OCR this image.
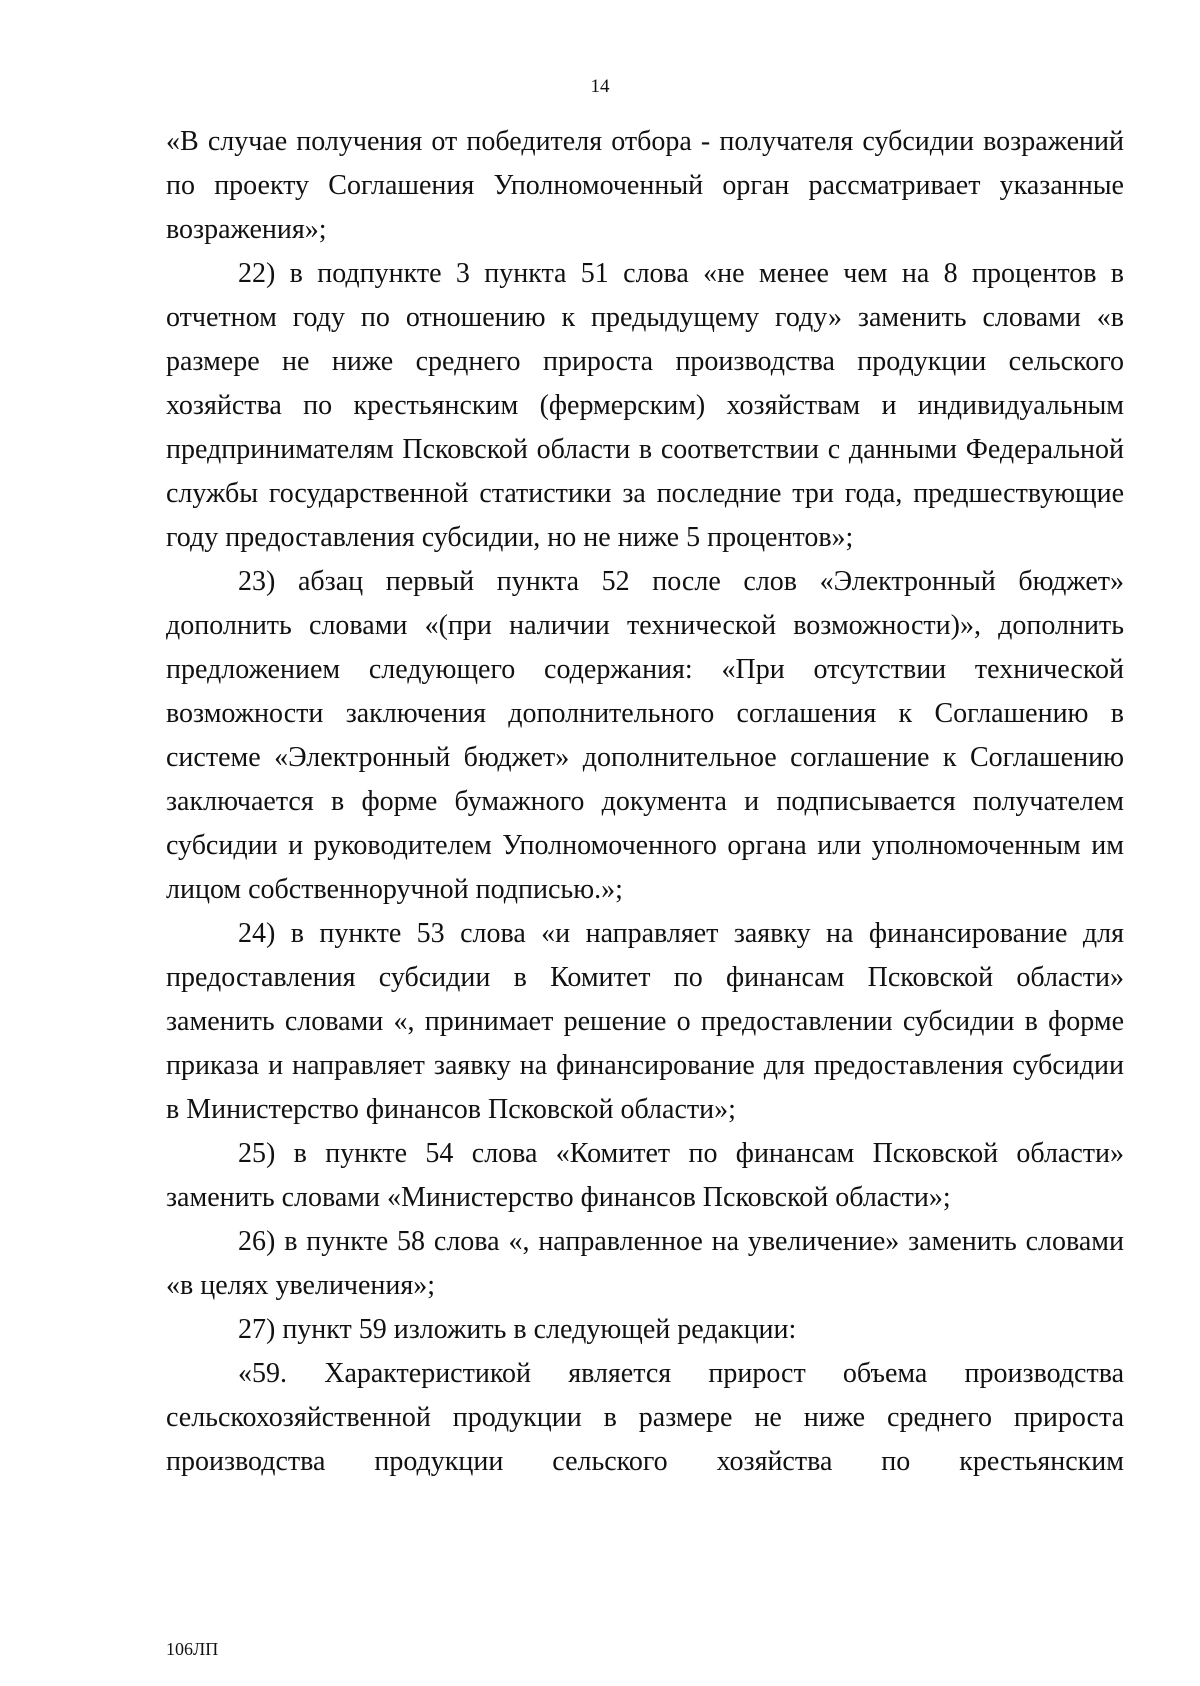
14

«В случае получения от победителя отбора - получателя субсидии возражений по проекту Соглашения Уполномоченный орган рассматривает указанные возражения»;

22) в подпункте 3 пункта 51 слова «не менее чем на 8 процентов в отчетном году по отношению к предыдущему году» заменить словами «в размере не ниже среднего прироста производства продукции сельского хозяйства по крестьянским (фермерским) хозяйствам и индивидуальным предпринимателям Псковской области в соответствии с данными Федеральной службы государственной статистики за последние три года, предшествующие году предоставления субсидии, но не ниже 5 процентов»;

23) абзац первый пункта 52 после слов «Электронный бюджет» дополнить словами «(при наличии технической возможности)», дополнить предложением следующего содержания: «При отсутствии технической возможности заключения дополнительного соглашения к Соглашению в системе «Электронный бюджет» дополнительное соглашение к Соглашению заключается в форме бумажного документа и подписывается получателем субсидии и руководителем Уполномоченного органа или уполномоченным им лицом собственноручной подписью.»;

24) в пункте 53 слова «и направляет заявку на финансирование для предоставления субсидии в Комитет по финансам Псковской области» заменить словами «, принимает решение о предоставлении субсидии в форме приказа и направляет заявку на финансирование для предоставления субсидии в Министерство финансов Псковской области»;

25) в пункте 54 слова «Комитет по финансам Псковской области» заменить словами «Министерство финансов Псковской области»;

26) в пункте 58 слова «, направленное на увеличение» заменить словами «в целях увеличения»;

27) пункт 59 изложить в следующей редакции:

«59. Характеристикой является прирост объема производства сельскохозяйственной продукции в размере не ниже среднего прироста производства продукции сельского хозяйства по крестьянским

106ЛП
